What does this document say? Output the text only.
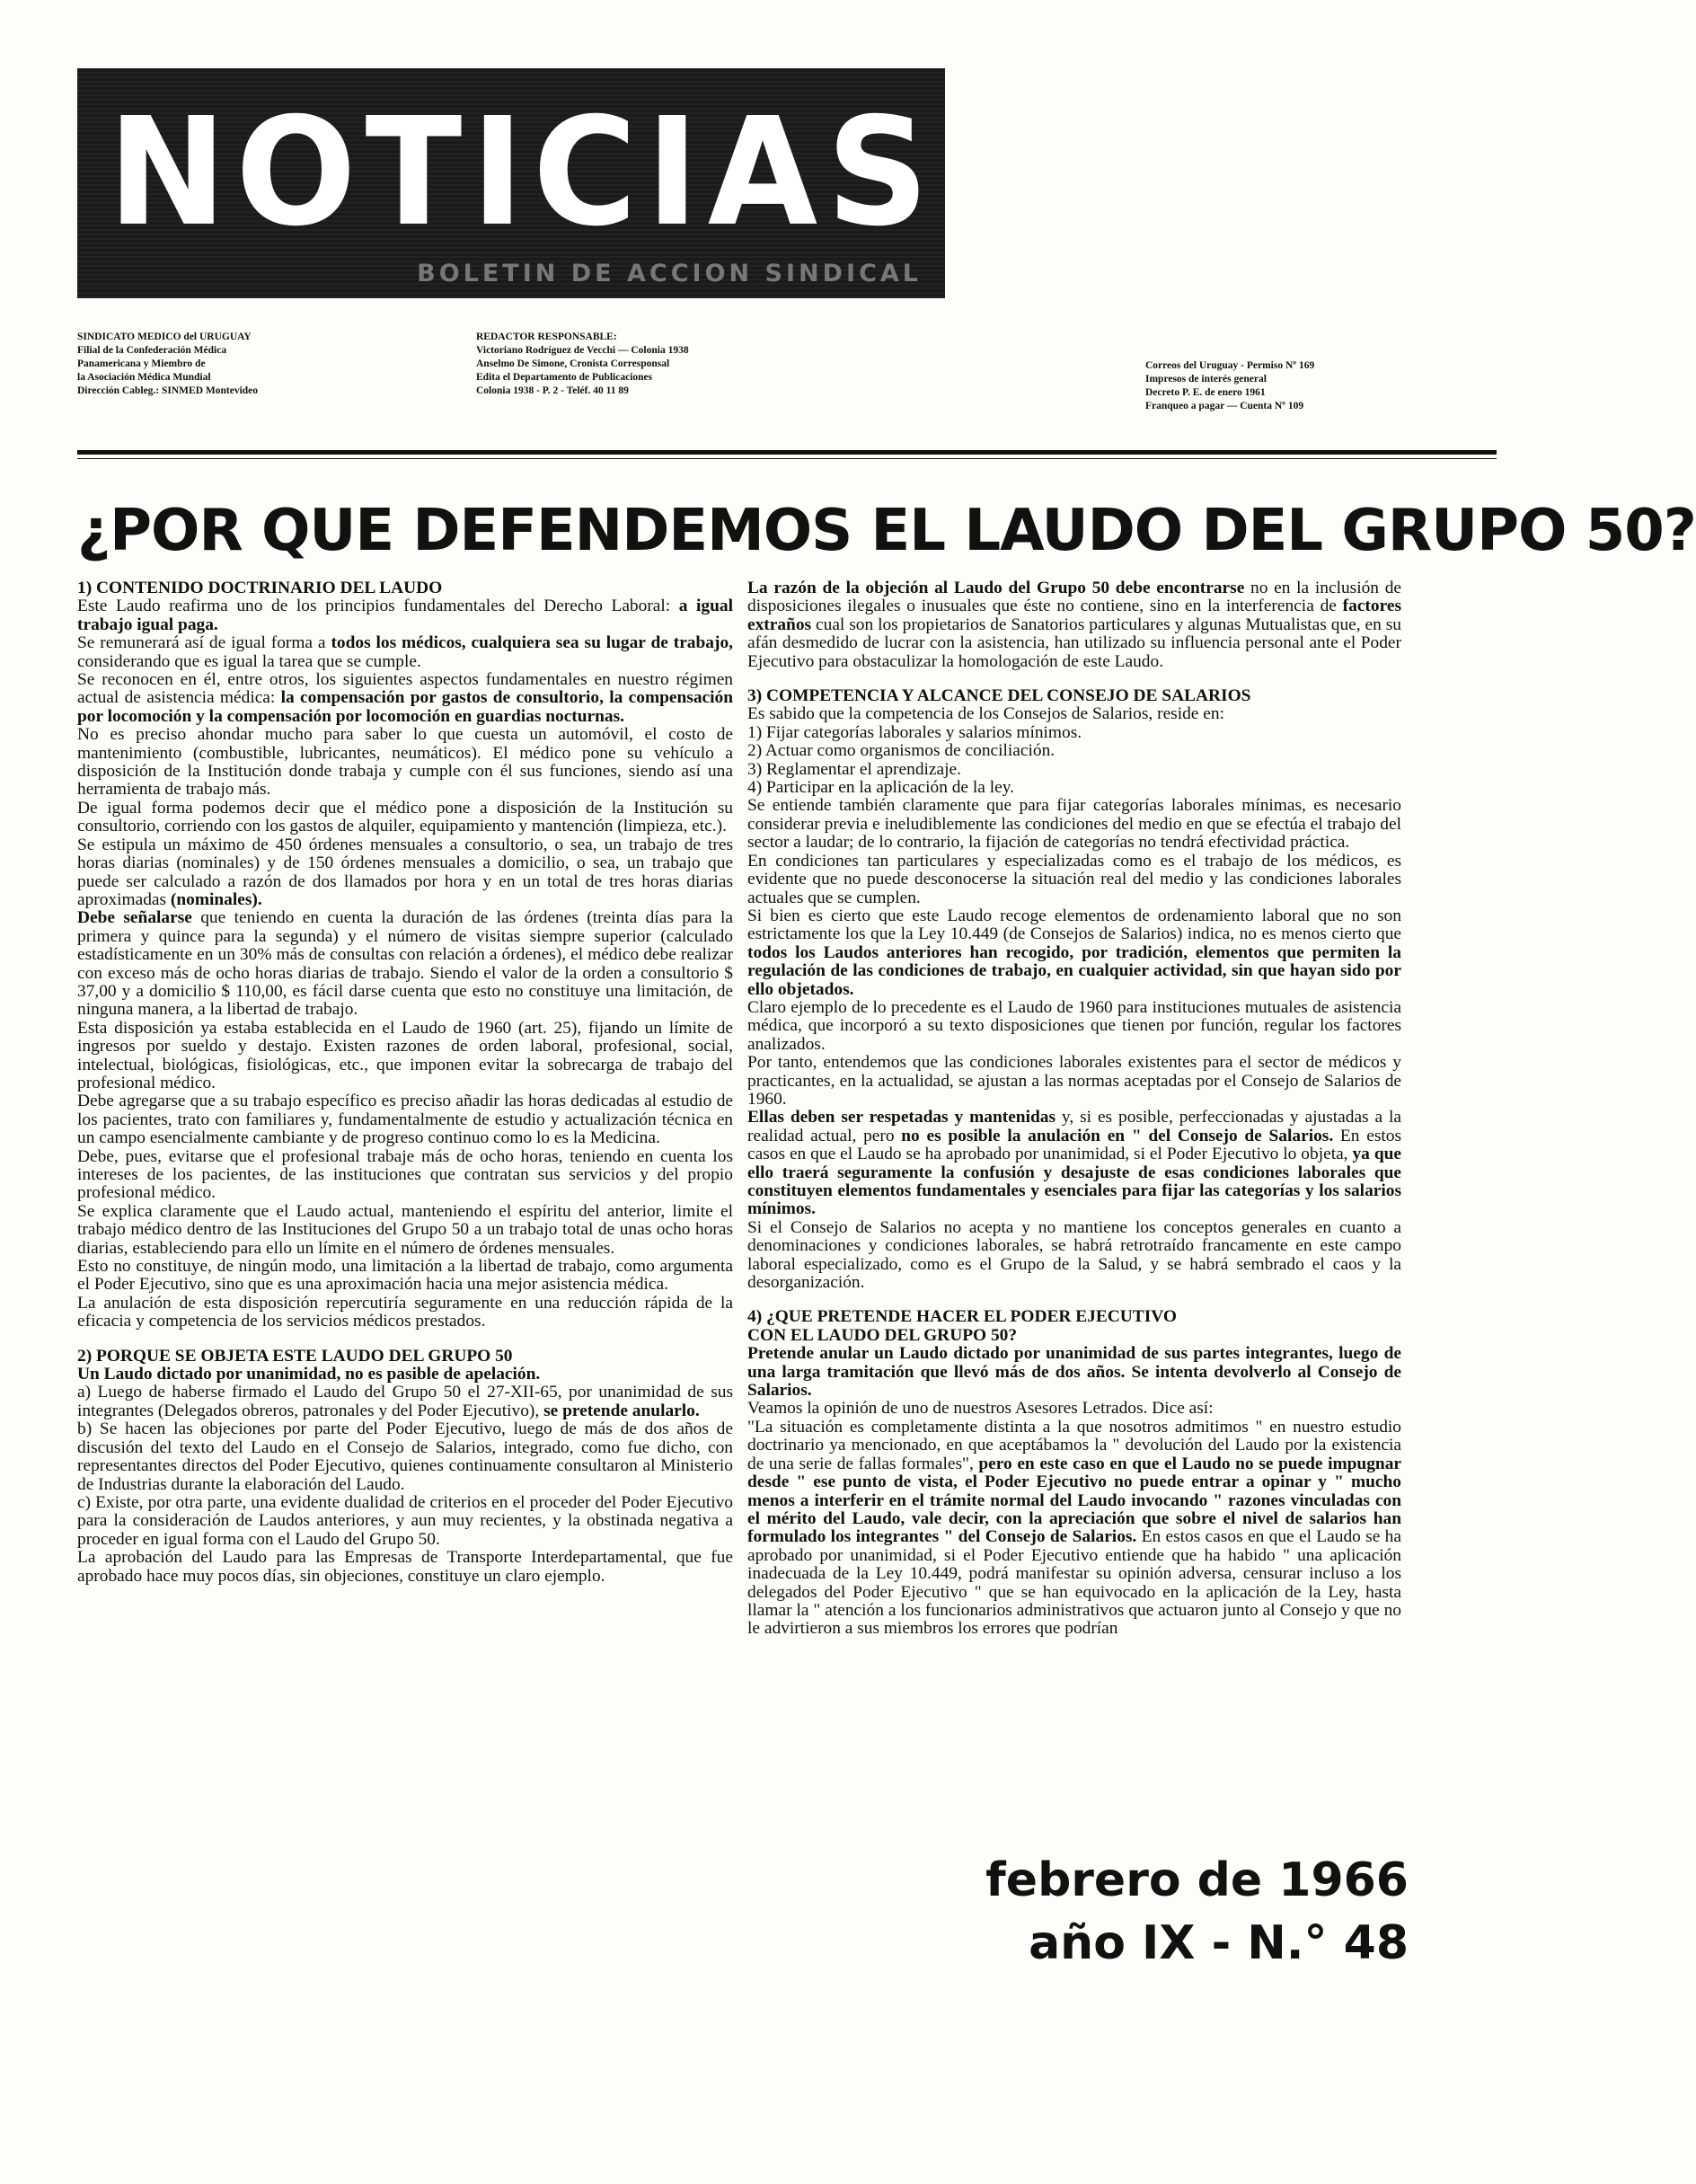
NOTICIAS
BOLETIN DE ACCION SINDICAL
SINDICATO MEDICO del URUGUAY
Filial de la Confederación Médica
Panamericana y Miembro de
la Asociación Médica Mundial
Dirección Cableg.: SINMED Montevideo
REDACTOR RESPONSABLE:
Victoriano Rodríguez de Vecchi — Colonia 1938
Anselmo De Simone, Cronista Corresponsal
Edita el Departamento de Publicaciones
Colonia 1938 - P. 2 - Teléf. 40 11 89
Correos del Uruguay - Permiso Nº 169
Impresos de interés general
Decreto P. E. de enero 1961
Franqueo a pagar — Cuenta Nº 109
¿POR QUE DEFENDEMOS EL LAUDO DEL GRUPO 50?

1) CONTENIDO DOCTRINARIO DEL LAUDO

Este Laudo reafirma uno de los principios fundamentales del Derecho Laboral: a igual trabajo igual paga.

Se remunerará así de igual forma a todos los médicos, cualquiera sea su lugar de trabajo, considerando que es igual la tarea que se cumple.

Se reconocen en él, entre otros, los siguientes aspectos fundamentales en nuestro régimen actual de asistencia médica: la compensación por gastos de consultorio, la compensación por locomoción y la compensación por locomoción en guardias nocturnas.

No es preciso ahondar mucho para saber lo que cuesta un automóvil, el costo de mantenimiento (combustible, lubricantes, neumáticos). El médico pone su vehículo a disposición de la Institución donde trabaja y cumple con él sus funciones, siendo así una herramienta de trabajo más.

De igual forma podemos decir que el médico pone a disposición de la Institución su consultorio, corriendo con los gastos de alquiler, equipamiento y mantención (limpieza, etc.).

Se estipula un máximo de 450 órdenes mensuales a consultorio, o sea, un trabajo de tres horas diarias (nominales) y de 150 órdenes mensuales a domicilio, o sea, un trabajo que puede ser calculado a razón de dos llamados por hora y en un total de tres horas diarias aproximadas (nominales).

Debe señalarse que teniendo en cuenta la duración de las órdenes (treinta días para la primera y quince para la segunda) y el número de visitas siempre superior (calculado estadísticamente en un 30% más de consultas con relación a órdenes), el médico debe realizar con exceso más de ocho horas diarias de trabajo. Siendo el valor de la orden a consultorio $ 37,00 y a domicilio $ 110,00, es fácil darse cuenta que esto no constituye una limitación, de ninguna manera, a la libertad de trabajo.

Esta disposición ya estaba establecida en el Laudo de 1960 (art. 25), fijando un límite de ingresos por sueldo y destajo. Existen razones de orden laboral, profesional, social, intelectual, biológicas, fisiológicas, etc., que imponen evitar la sobrecarga de trabajo del profesional médico.

Debe agregarse que a su trabajo específico es preciso añadir las horas dedicadas al estudio de los pacientes, trato con familiares y, fundamentalmente de estudio y actualización técnica en un campo esencialmente cambiante y de progreso continuo como lo es la Medicina.

Debe, pues, evitarse que el profesional trabaje más de ocho horas, teniendo en cuenta los intereses de los pacientes, de las instituciones que contratan sus servicios y del propio profesional médico.

Se explica claramente que el Laudo actual, manteniendo el espíritu del anterior, limite el trabajo médico dentro de las Instituciones del Grupo 50 a un trabajo total de unas ocho horas diarias, estableciendo para ello un límite en el número de órdenes mensuales.

Esto no constituye, de ningún modo, una limitación a la libertad de trabajo, como argumenta el Poder Ejecutivo, sino que es una aproximación hacia una mejor asistencia médica.

La anulación de esta disposición repercutiría seguramente en una reducción rápida de la eficacia y competencia de los servicios médicos prestados.

2) PORQUE SE OBJETA ESTE LAUDO DEL GRUPO 50

Un Laudo dictado por unanimidad, no es pasible de apelación.

a) Luego de haberse firmado el Laudo del Grupo 50 el 27-XII-65, por unanimidad de sus integrantes (Delegados obreros, patronales y del Poder Ejecutivo), se pretende anularlo.

b) Se hacen las objeciones por parte del Poder Ejecutivo, luego de más de dos años de discusión del texto del Laudo en el Consejo de Salarios, integrado, como fue dicho, con representantes directos del Poder Ejecutivo, quienes continuamente consultaron al Ministerio de Industrias durante la elaboración del Laudo.

c) Existe, por otra parte, una evidente dualidad de criterios en el proceder del Poder Ejecutivo para la consideración de Laudos anteriores, y aun muy recientes, y la obstinada negativa a proceder en igual forma con el Laudo del Grupo 50.

La aprobación del Laudo para las Empresas de Transporte Interdepartamental, que fue aprobado hace muy pocos días, sin objeciones, constituye un claro ejemplo.

La razón de la objeción al Laudo del Grupo 50 debe encontrarse no en la inclusión de disposiciones ilegales o inusuales que éste no contiene, sino en la interferencia de factores extraños cual son los propietarios de Sanatorios particulares y algunas Mutualistas que, en su afán desmedido de lucrar con la asistencia, han utilizado su influencia personal ante el Poder Ejecutivo para obstaculizar la homologación de este Laudo.

3) COMPETENCIA Y ALCANCE DEL CONSEJO DE SALARIOS

Es sabido que la competencia de los Consejos de Salarios, reside en:

1) Fijar categorías laborales y salarios mínimos.

2) Actuar como organismos de conciliación.

3) Reglamentar el aprendizaje.

4) Participar en la aplicación de la ley.

Se entiende también claramente que para fijar categorías laborales mínimas, es necesario considerar previa e ineludiblemente las condiciones del medio en que se efectúa el trabajo del sector a laudar; de lo contrario, la fijación de categorías no tendrá efectividad práctica.

En condiciones tan particulares y especializadas como es el trabajo de los médicos, es evidente que no puede desconocerse la situación real del medio y las condiciones laborales actuales que se cumplen.

Si bien es cierto que este Laudo recoge elementos de ordenamiento laboral que no son estrictamente los que la Ley 10.449 (de Consejos de Salarios) indica, no es menos cierto que todos los Laudos anteriores han recogido, por tradición, elementos que permiten la regulación de las condiciones de trabajo, en cualquier actividad, sin que hayan sido por ello objetados.

Claro ejemplo de lo precedente es el Laudo de 1960 para instituciones mutuales de asistencia médica, que incorporó a su texto disposiciones que tienen por función, regular los factores analizados.

Por tanto, entendemos que las condiciones laborales existentes para el sector de médicos y practicantes, en la actualidad, se ajustan a las normas aceptadas por el Consejo de Salarios de 1960.

Ellas deben ser respetadas y mantenidas y, si es posible, perfeccionadas y ajustadas a la realidad actual, pero no es posible la anulación en " del Consejo de Salarios. En estos casos en que el Laudo se ha aprobado por unanimidad, si el Poder Ejecutivo lo objeta, ya que ello traerá seguramente la confusión y desajuste de esas condiciones laborales que constituyen elementos fundamentales y esenciales para fijar las categorías y los salarios mínimos.

Si el Consejo de Salarios no acepta y no mantiene los conceptos generales en cuanto a denominaciones y condiciones laborales, se habrá retrotraído francamente en este campo laboral especializado, como es el Grupo de la Salud, y se habrá sembrado el caos y la desorganización.

4) ¿QUE PRETENDE HACER EL PODER EJECUTIVO

CON EL LAUDO DEL GRUPO 50?

Pretende anular un Laudo dictado por unanimidad de sus partes integrantes, luego de una larga tramitación que llevó más de dos años. Se intenta devolverlo al Consejo de Salarios.

Veamos la opinión de uno de nuestros Asesores Letrados. Dice así:

"La situación es completamente distinta a la que nosotros admitimos " en nuestro estudio doctrinario ya mencionado, en que aceptábamos la " devolución del Laudo por la existencia de una serie de fallas formales", pero en este caso en que el Laudo no se puede impugnar desde " ese punto de vista, el Poder Ejecutivo no puede entrar a opinar y " mucho menos a interferir en el trámite normal del Laudo invocando " razones vinculadas con el mérito del Laudo, vale decir, con la apreciación que sobre el nivel de salarios han formulado los integrantes " del Consejo de Salarios. En estos casos en que el Laudo se ha aprobado por unanimidad, si el Poder Ejecutivo entiende que ha habido " una aplicación inadecuada de la Ley 10.449, podrá manifestar su opinión adversa, censurar incluso a los delegados del Poder Ejecutivo " que se han equivocado en la aplicación de la Ley, hasta llamar la " atención a los funcionarios administrativos que actuaron junto al Consejo y que no le advirtieron a sus miembros los errores que podrían

febrero de 1966
año IX - N.° 48
